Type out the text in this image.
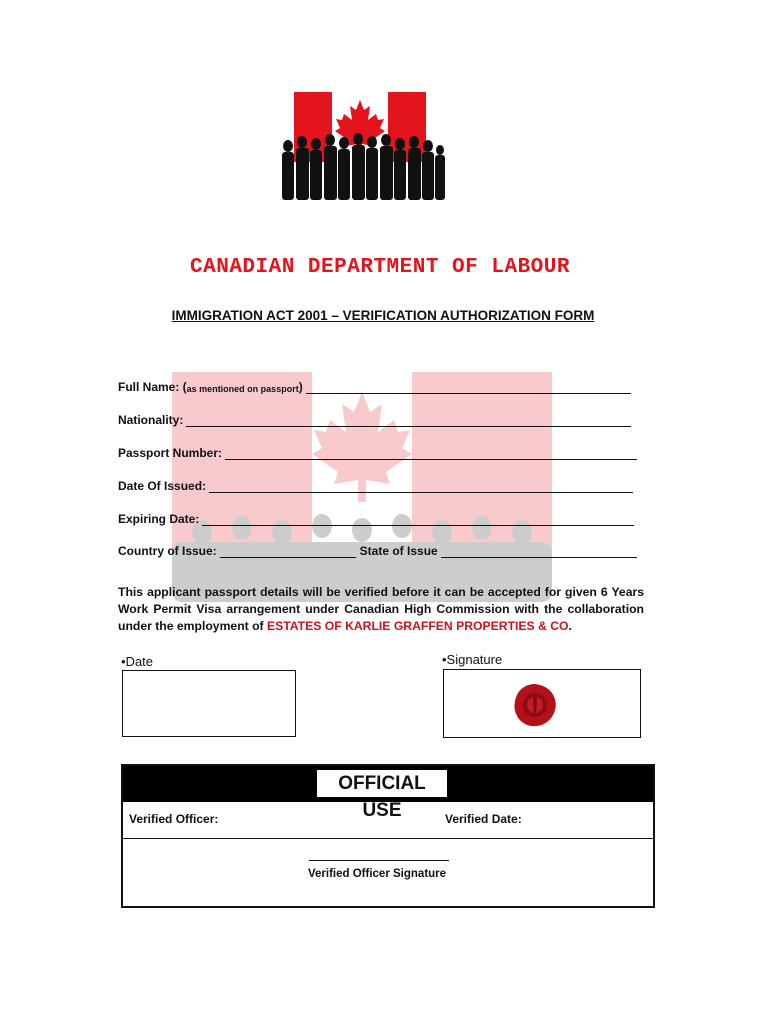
CANADIAN DEPARTMENT OF LABOUR
IMMIGRATION ACT 2001 – VERIFICATION AUTHORIZATION FORM
Full Name: ( as mentioned on passport )
Nationality:
Passport Number:
Date Of Issued:
Expiring Date:
Country of Issue:	State of Issue
This applicant passport details will be verified before it can be accepted for given 6 Years Work Permit Visa arrangement under Canadian High Commission with the collaboration under the employment of ESTATES OF KARLIE GRAFFEN PROPERTIES & CO.
•Date	•Signature
OFFICIAL USE
Verified Officer:	Verified Date:
Verified Officer Signature
